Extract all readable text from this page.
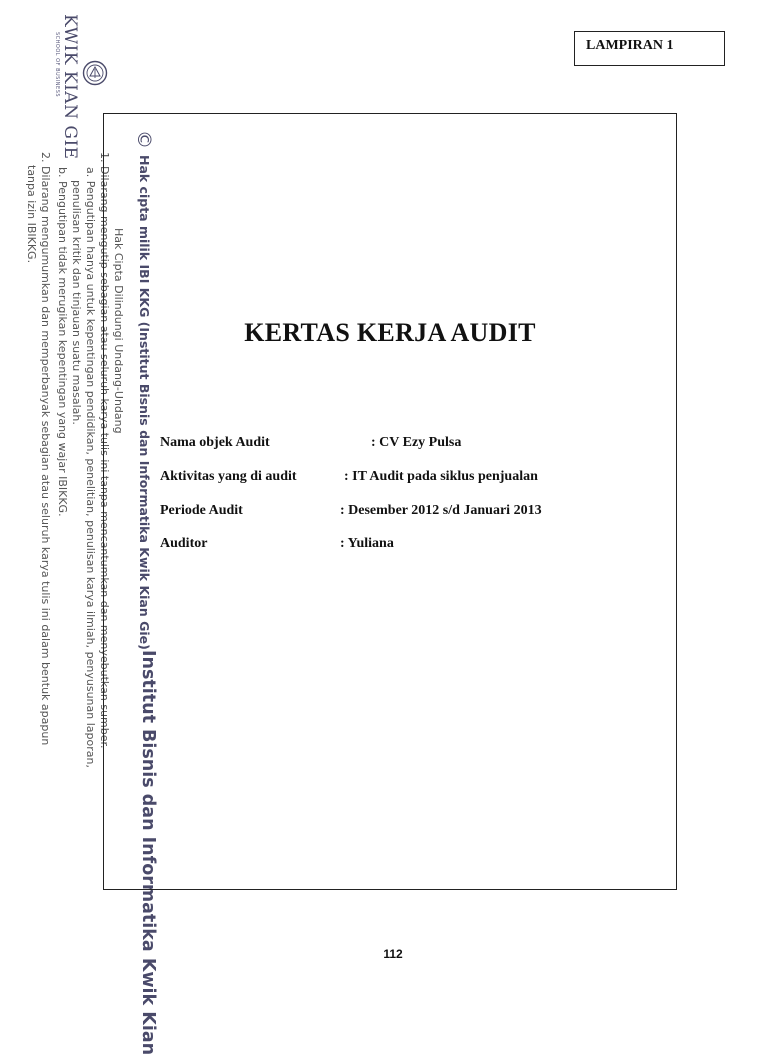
KWIK KIAN GIE
SCHOOL OF BUSINESS
©Hak cipta milik IBI KKG (Institut Bisnis dan Informatika Kwik Kian Gie)
Hak Cipta Dilindungi Undang-Undang
1. Dilarang mengutip sebagian atau seluruh karya tulis ini tanpa mencantumkan dan menyebutkan sumber.
a. Pengutipan hanya untuk kepentingan pendidikan, penelitian, penulisan karya ilmiah, penyusunan laporan,
penulisan kritik dan tinjauan suatu masalah.
b. Pengutipan tidak merugikan kepentingan yang wajar IBIKKG.
2. Dilarang mengumumkan dan memperbanyak sebagian atau seluruh karya tulis ini dalam bentuk apapun
tanpa izin IBIKKG.
Institut Bisnis dan Informatika Kwik Kian
LAMPIRAN 1
KERTAS KERJA AUDIT
Nama objek Audit	: CV Ezy Pulsa
Aktivitas yang di audit	: IT Audit pada siklus penjualan
Periode Audit	: Desember 2012 s/d Januari 2013
Auditor	: Yuliana
112
